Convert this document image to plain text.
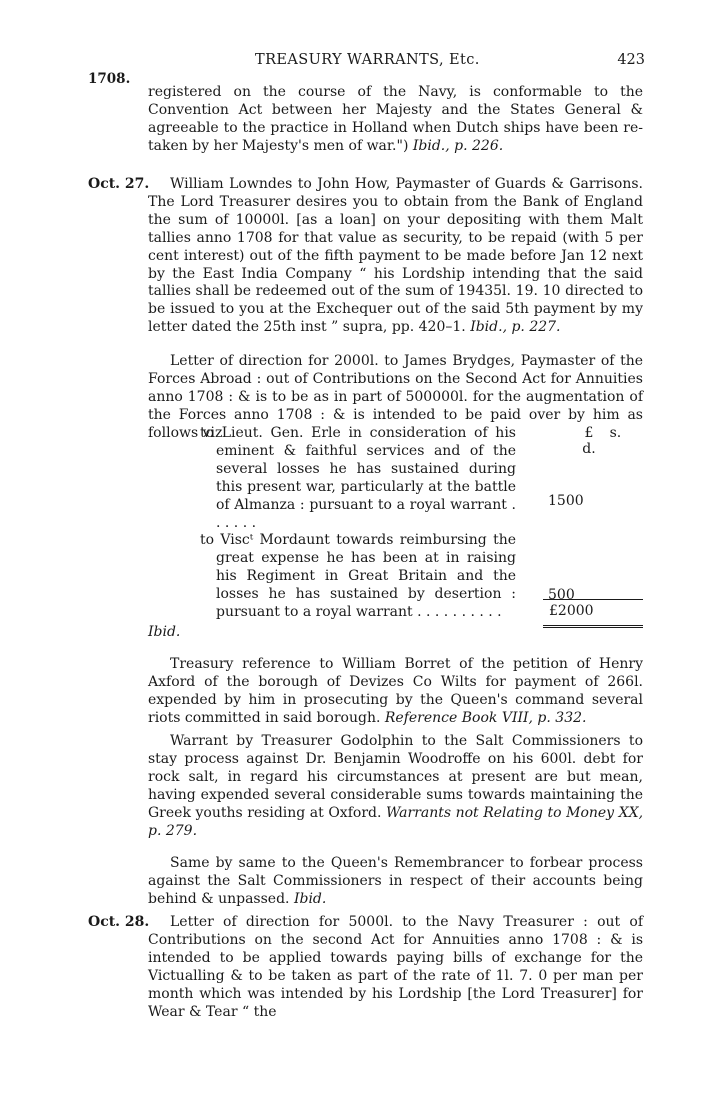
TREASURY WARRANTS, Etc.	423
1708.

registered on the course of the Navy, is conformable to the Convention Act between her Majesty and the States General & agreeable to the practice in Holland when Dutch ships have been re-taken by her Majesty's men of war.") Ibid., p. 226.

Oct. 27.	William Lowndes to John How, Paymaster of Guards & Garrisons. The Lord Treasurer desires you to obtain from the Bank of England the sum of 10000l. [as a loan] on your depositing with them Malt tallies anno 1708 for that value as security, to be repaid (with 5 per cent interest) out of the fifth payment to be made before Jan 12 next by the East India Company “ his Lordship intending that the said tallies shall be redeemed out of the sum of 19435l. 19. 10 directed to be issued to you at the Exchequer out of the said 5th payment by my letter dated the 25th inst ” supra, pp. 420–1. Ibid., p. 227.

Letter of direction for 2000l. to James Brydges, Paymaster of the Forces Abroad : out of Contributions on the Second Act for Annuities anno 1708 : & is to be as in part of 500000l. for the augmentation of the Forces anno 1708 : & is intended to be paid over by him as follows viz	£ s. d.
to Lieut. Gen. Erle in consideration of his eminent & faithful services and of the several losses he has sustained during this present war, particularly at the battle of Almanza : pursuant to a royal warrant . . . . . .
1500
to Viscᵗ Mordaunt towards reimbursing the great expense he has been at in raising his Regiment in Great Britain and the losses he has sustained by desertion : pursuant to a royal warrant . . . . . . . . . .
500
£2000
Ibid.

Treasury reference to William Borret of the petition of Henry Axford of the borough of Devizes Co Wilts for payment of 266l. expended by him in prosecuting by the Queen's command several riots committed in said borough. Reference Book VIII, p. 332.

Warrant by Treasurer Godolphin to the Salt Commissioners to stay process against Dr. Benjamin Woodroffe on his 600l. debt for rock salt, in regard his circumstances at present are but mean, having expended several considerable sums towards maintaining the Greek youths residing at Oxford. Warrants not Relating to Money XX, p. 279.

Same by same to the Queen's Remembrancer to forbear process against the Salt Commissioners in respect of their accounts being behind & unpassed. Ibid.

Oct. 28.	Letter of direction for 5000l. to the Navy Treasurer : out of Contributions on the second Act for Annuities anno 1708 : & is intended to be applied towards paying bills of exchange for the Victualling & to be taken as part of the rate of 1l. 7. 0 per man per month which was intended by his Lordship [the Lord Treasurer] for Wear & Tear “ the
